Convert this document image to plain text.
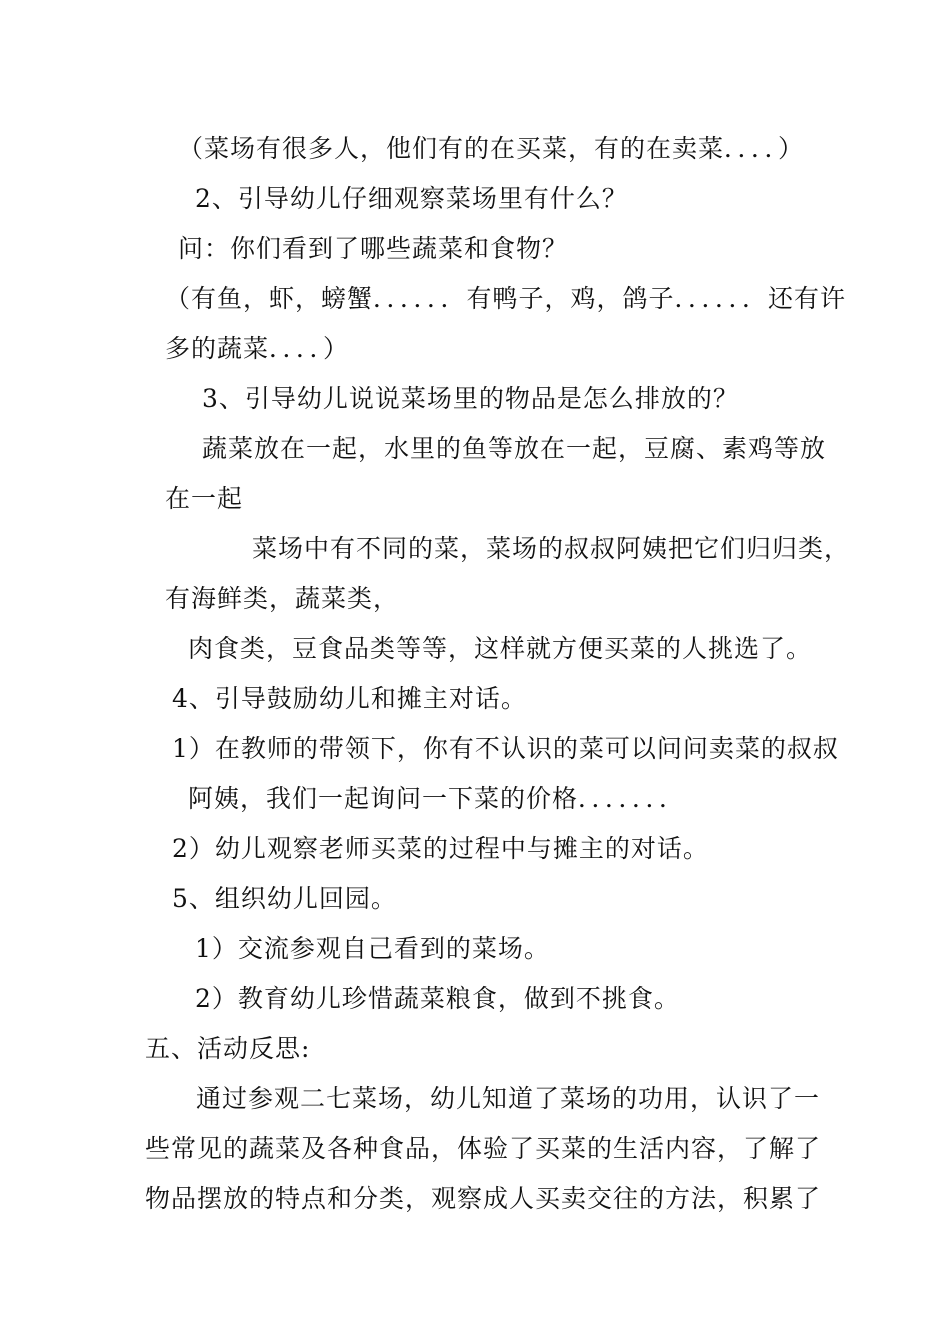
（菜场有很多人，他们有的在买菜，有的在卖菜．．．．）
2、引导幼儿仔细观察菜场里有什么？
问：你们看到了哪些蔬菜和食物？
（有鱼，虾，螃蟹．．．．．．有鸭子，鸡，鸽子．．．．．．还有许
多的蔬菜．．．．）
3、引导幼儿说说菜场里的物品是怎么排放的？
蔬菜放在一起，水里的鱼等放在一起，豆腐、素鸡等放
在一起
菜场中有不同的菜，菜场的叔叔阿姨把它们归归类，
有海鲜类，蔬菜类，
肉食类，豆食品类等等，这样就方便买菜的人挑选了。
4、引导鼓励幼儿和摊主对话。
1）在教师的带领下，你有不认识的菜可以问问卖菜的叔叔
阿姨，我们一起询问一下菜的价格．．．．．．．
2）幼儿观察老师买菜的过程中与摊主的对话。
5、组织幼儿回园。
1）交流参观自己看到的菜场。
2）教育幼儿珍惜蔬菜粮食，做到不挑食。
五、活动反思:
通过参观二七菜场，幼儿知道了菜场的功用，认识了一
些常见的蔬菜及各种食品，体验了买菜的生活内容，了解了
物品摆放的特点和分类，观察成人买卖交往的方法，积累了
